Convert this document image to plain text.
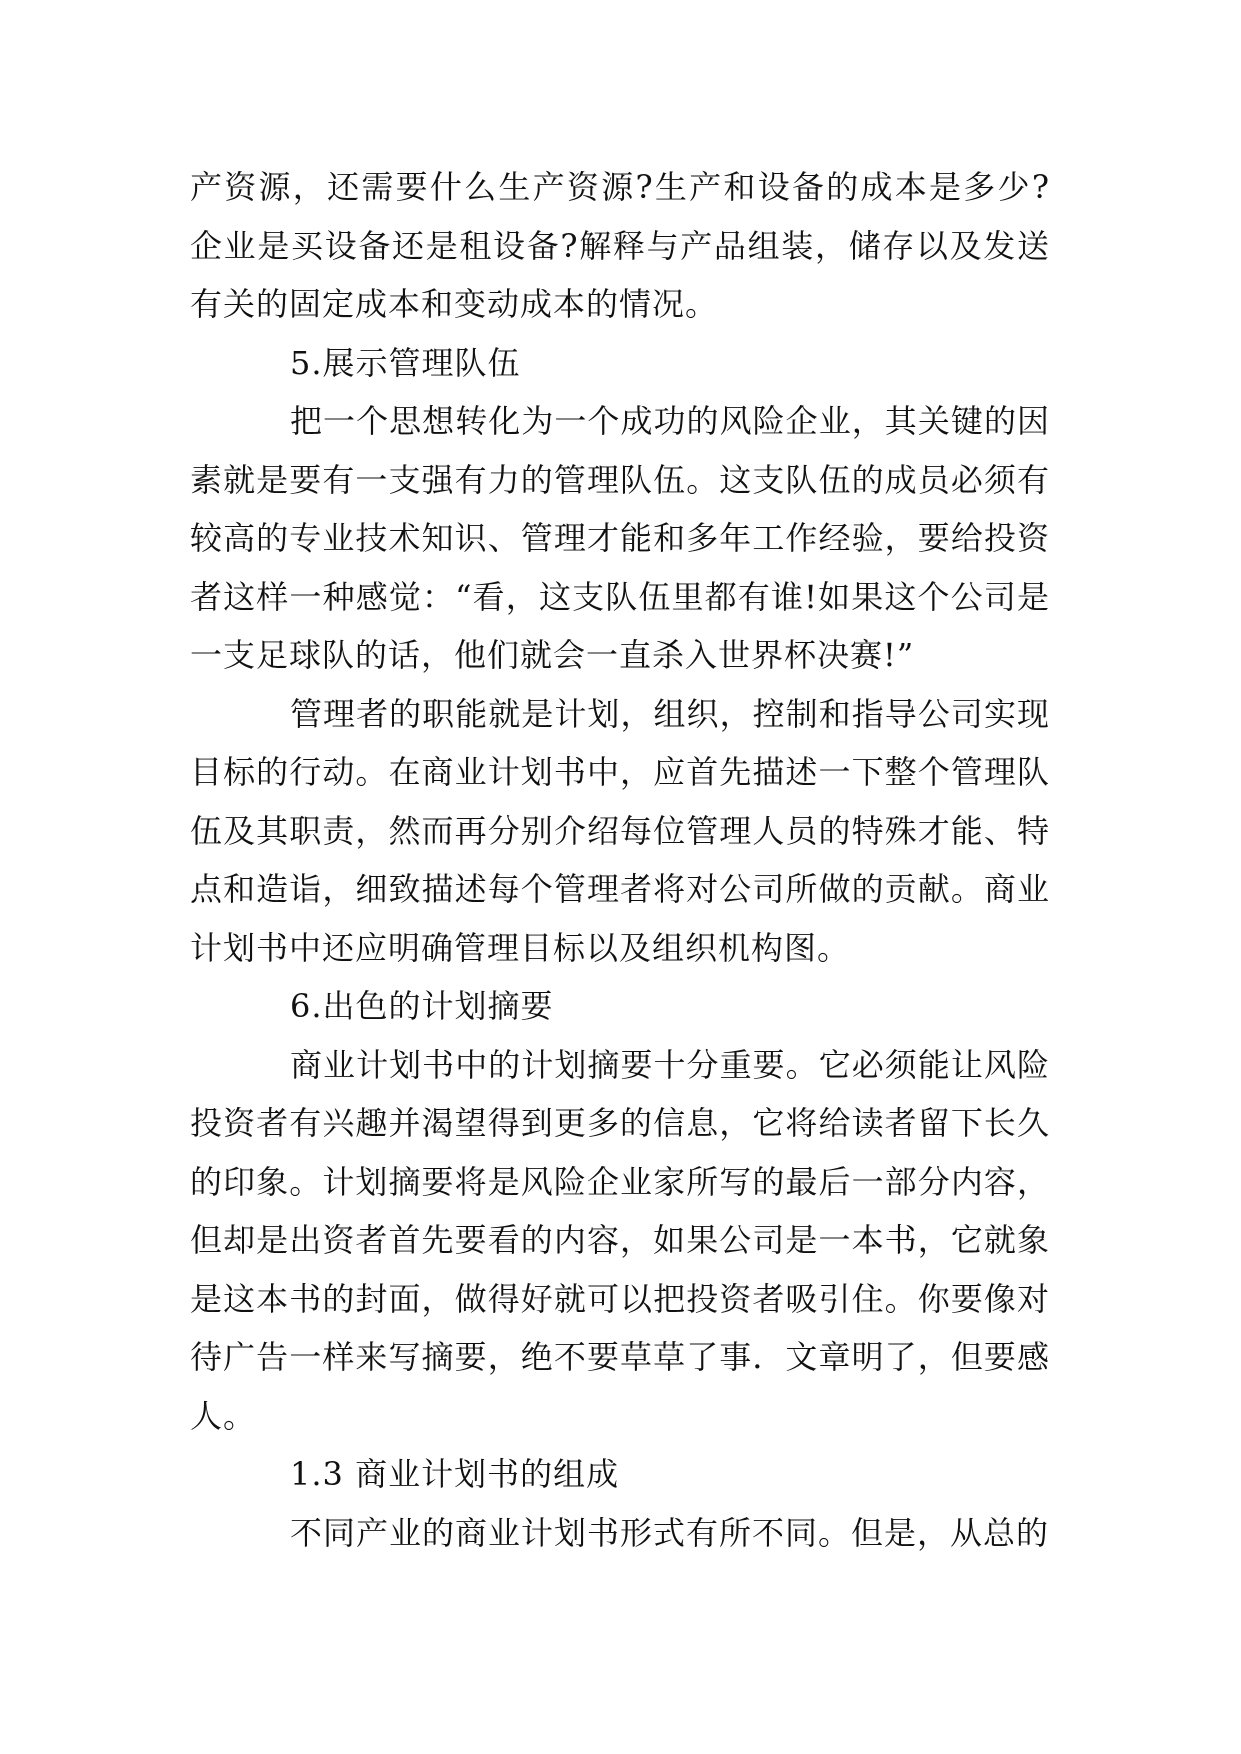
产资源，还需要什么生产资源?生产和设备的成本是多少?企业是买设备还是租设备?解释与产品组装，储存以及发送有关的固定成本和变动成本的情况。

5.展示管理队伍

把一个思想转化为一个成功的风险企业，其关键的因素就是要有一支强有力的管理队伍。这支队伍的成员必须有较高的专业技术知识、管理才能和多年工作经验，要给投资者这样一种感觉：“看，这支队伍里都有谁!如果这个公司是一支足球队的话，他们就会一直杀入世界杯决赛!”

管理者的职能就是计划，组织，控制和指导公司实现目标的行动。在商业计划书中，应首先描述一下整个管理队伍及其职责，然而再分别介绍每位管理人员的特殊才能、特点和造诣，细致描述每个管理者将对公司所做的贡献。商业计划书中还应明确管理目标以及组织机构图。

6.出色的计划摘要

商业计划书中的计划摘要十分重要。它必须能让风险投资者有兴趣并渴望得到更多的信息，它将给读者留下长久的印象。计划摘要将是风险企业家所写的最后一部分内容，但却是出资者首先要看的内容，如果公司是一本书，它就象是这本书的封面，做得好就可以把投资者吸引住。你要像对待广告一样来写摘要，绝不要草草了事．文章明了，但要感人。

1.3 商业计划书的组成

不同产业的商业计划书形式有所不同。但是，从总的
